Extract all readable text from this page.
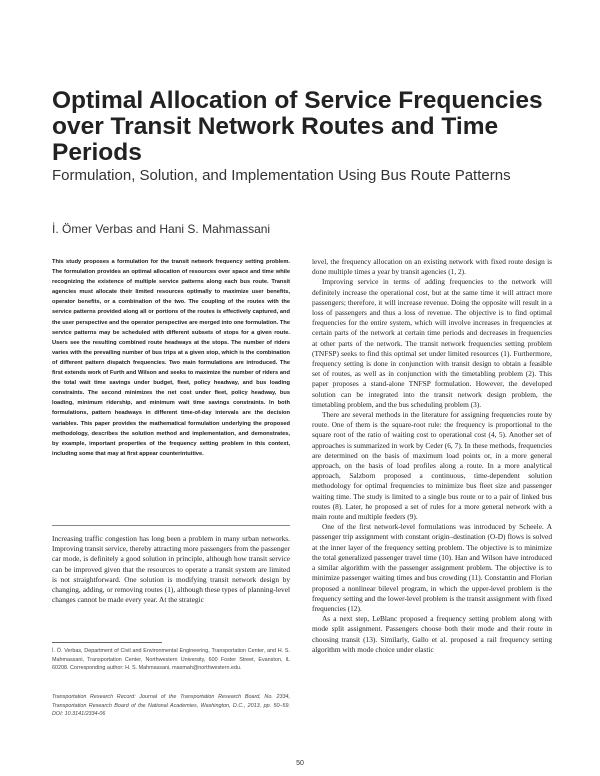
Optimal Allocation of Service Frequencies over Transit Network Routes and Time Periods
Formulation, Solution, and Implementation Using Bus Route Patterns
İ. Ömer Verbas and Hani S. Mahmassani
This study proposes a formulation for the transit network frequency setting problem. The formulation provides an optimal allocation of resources over space and time while recognizing the existence of multiple service patterns along each bus route. Transit agencies must allocate their limited resources optimally to maximize user benefits, operator benefits, or a combination of the two. The coupling of the routes with the service patterns provided along all or portions of the routes is effectively captured, and the user perspective and the operator perspective are merged into one formulation. The service patterns may be scheduled with different subsets of stops for a given route. Users see the resulting combined route headways at the stops. The number of riders varies with the prevailing number of bus trips at a given stop, which is the combination of different pattern dispatch frequencies. Two main formulations are introduced. The first extends work of Furth and Wilson and seeks to maximize the number of riders and the total wait time savings under budget, fleet, policy headway, and bus loading constraints. The second minimizes the net cost under fleet, policy headway, bus loading, minimum ridership, and minimum wait time savings constraints. In both formulations, pattern headways in different time-of-day intervals are the decision variables. This paper provides the mathematical formulation underlying the proposed methodology, describes the solution method and implementation, and demonstrates, by example, important properties of the frequency setting problem in this context, including some that may at first appear counterintuitive.

Increasing traffic congestion has long been a problem in many urban networks. Improving transit service, thereby attracting more passengers from the passenger car mode, is definitely a good solution in principle, although how transit service can be improved given that the resources to operate a transit system are limited is not straightforward. One solution is modifying transit network design by changing, adding, or removing routes (1), although these types of planning-level changes cannot be made every year. At the strategic

İ. Ö. Verbas, Department of Civil and Environmental Engineering, Transportation Center, and H. S. Mahmassani, Transportation Center, Northwestern University, 600 Foster Street, Evanston, IL 60208. Corresponding author: H. S. Mahmassani, masmah@northwestern.edu.
Transportation Research Record: Journal of the Transportation Research Board, No. 2334, Transportation Research Board of the National Academies, Washington, D.C., 2013, pp. 50–59. DOI: 10.3141/2334-06

level, the frequency allocation on an existing network with fixed route design is done multiple times a year by transit agencies (1, 2).

Improving service in terms of adding frequencies to the network will definitely increase the operational cost, but at the same time it will attract more passengers; therefore, it will increase revenue. Doing the opposite will result in a loss of passengers and thus a loss of revenue. The objective is to find optimal frequencies for the entire system, which will involve increases in frequencies at certain parts of the network at certain time periods and decreases in frequencies at other parts of the network. The transit network frequencies setting problem (TNFSP) seeks to find this optimal set under limited resources (1). Furthermore, frequency setting is done in conjunction with transit design to obtain a feasible set of routes, as well as in conjunction with the timetabling problem (2). This paper proposes a stand-alone TNFSP formulation. However, the developed solution can be integrated into the transit network design problem, the timetabling problem, and the bus scheduling problem (3).

There are several methods in the literature for assigning frequencies route by route. One of them is the square-root rule: the frequency is proportional to the square root of the ratio of waiting cost to operational cost (4, 5). Another set of approaches is summarized in work by Ceder (6, 7). In these methods, frequencies are determined on the basis of maximum load points or, in a more general approach, on the basis of load profiles along a route. In a more analytical approach, Salzborn proposed a continuous, time-dependent solution methodology for optimal frequencies to minimize bus fleet size and passenger waiting time. The study is limited to a single bus route or to a pair of linked bus routes (8). Later, he proposed a set of rules for a more general network with a main route and multiple feeders (9).

One of the first network-level formulations was introduced by Scheele. A passenger trip assignment with constant origin–destination (O-D) flows is solved at the inner layer of the frequency setting problem. The objective is to minimize the total generalized passenger travel time (10). Han and Wilson have introduced a similar algorithm with the passenger assignment problem. The objective is to minimize passenger waiting times and bus crowding (11). Constantin and Florian proposed a nonlinear bilevel program, in which the upper-level problem is the frequency setting and the lower-level problem is the transit assignment with fixed frequencies (12).

As a next step, LeBlanc proposed a frequency setting problem along with mode split assignment. Passengers choose both their mode and their route in choosing transit (13). Similarly, Gallo et al. proposed a rail frequency setting algorithm with mode choice under elastic

50
